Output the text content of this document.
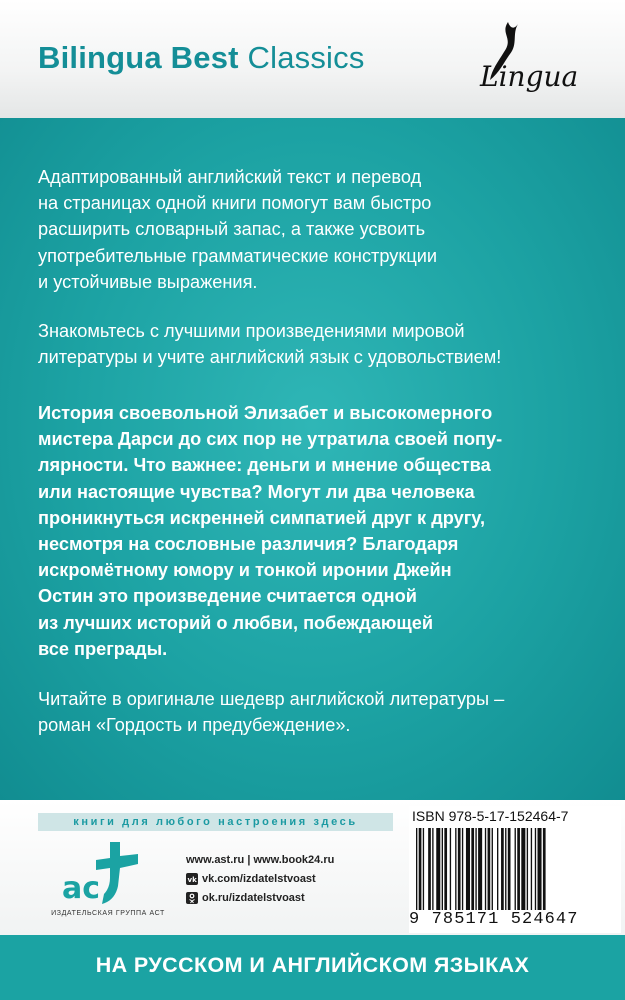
Bilingua Best Classics
Lingua
Адаптированный английский текст и перевод
на страницах одной книги помогут вам быстро
расширить словарный запас, а также усвоить
употребительные грамматические конструкции
и устойчивые выражения.
Знакомьтесь с лучшими произведениями мировой
литературы и учите английский язык с удовольствием!
История своевольной Элизабет и высокомерного
мистера Дарси до сих пор не утратила своей попу-
лярности. Что важнее: деньги и мнение общества
или настоящие чувства? Могут ли два человека
проникнуться искренней симпатией друг к другу,
несмотря на сословные различия? Благодаря
искромётному юмору и тонкой иронии Джейн
Остин это произведение считается одной
из лучших историй о любви, побеждающей
все преграды.
Читайте в оригинале шедевр английской литературы –
роман «Гордость и предубеждение».
книги для любого настроения здесь
ас
ИЗДАТЕЛЬСКАЯ ГРУППА АСТ
www.ast.ru | www.book24.ru
vk vk.com/izdatelstvoast
ok.ru/izdatelstvoast
ISBN 978-5-17-152464-7
9 785171 524647
НА РУССКОМ И АНГЛИЙСКОМ ЯЗЫКАХ
